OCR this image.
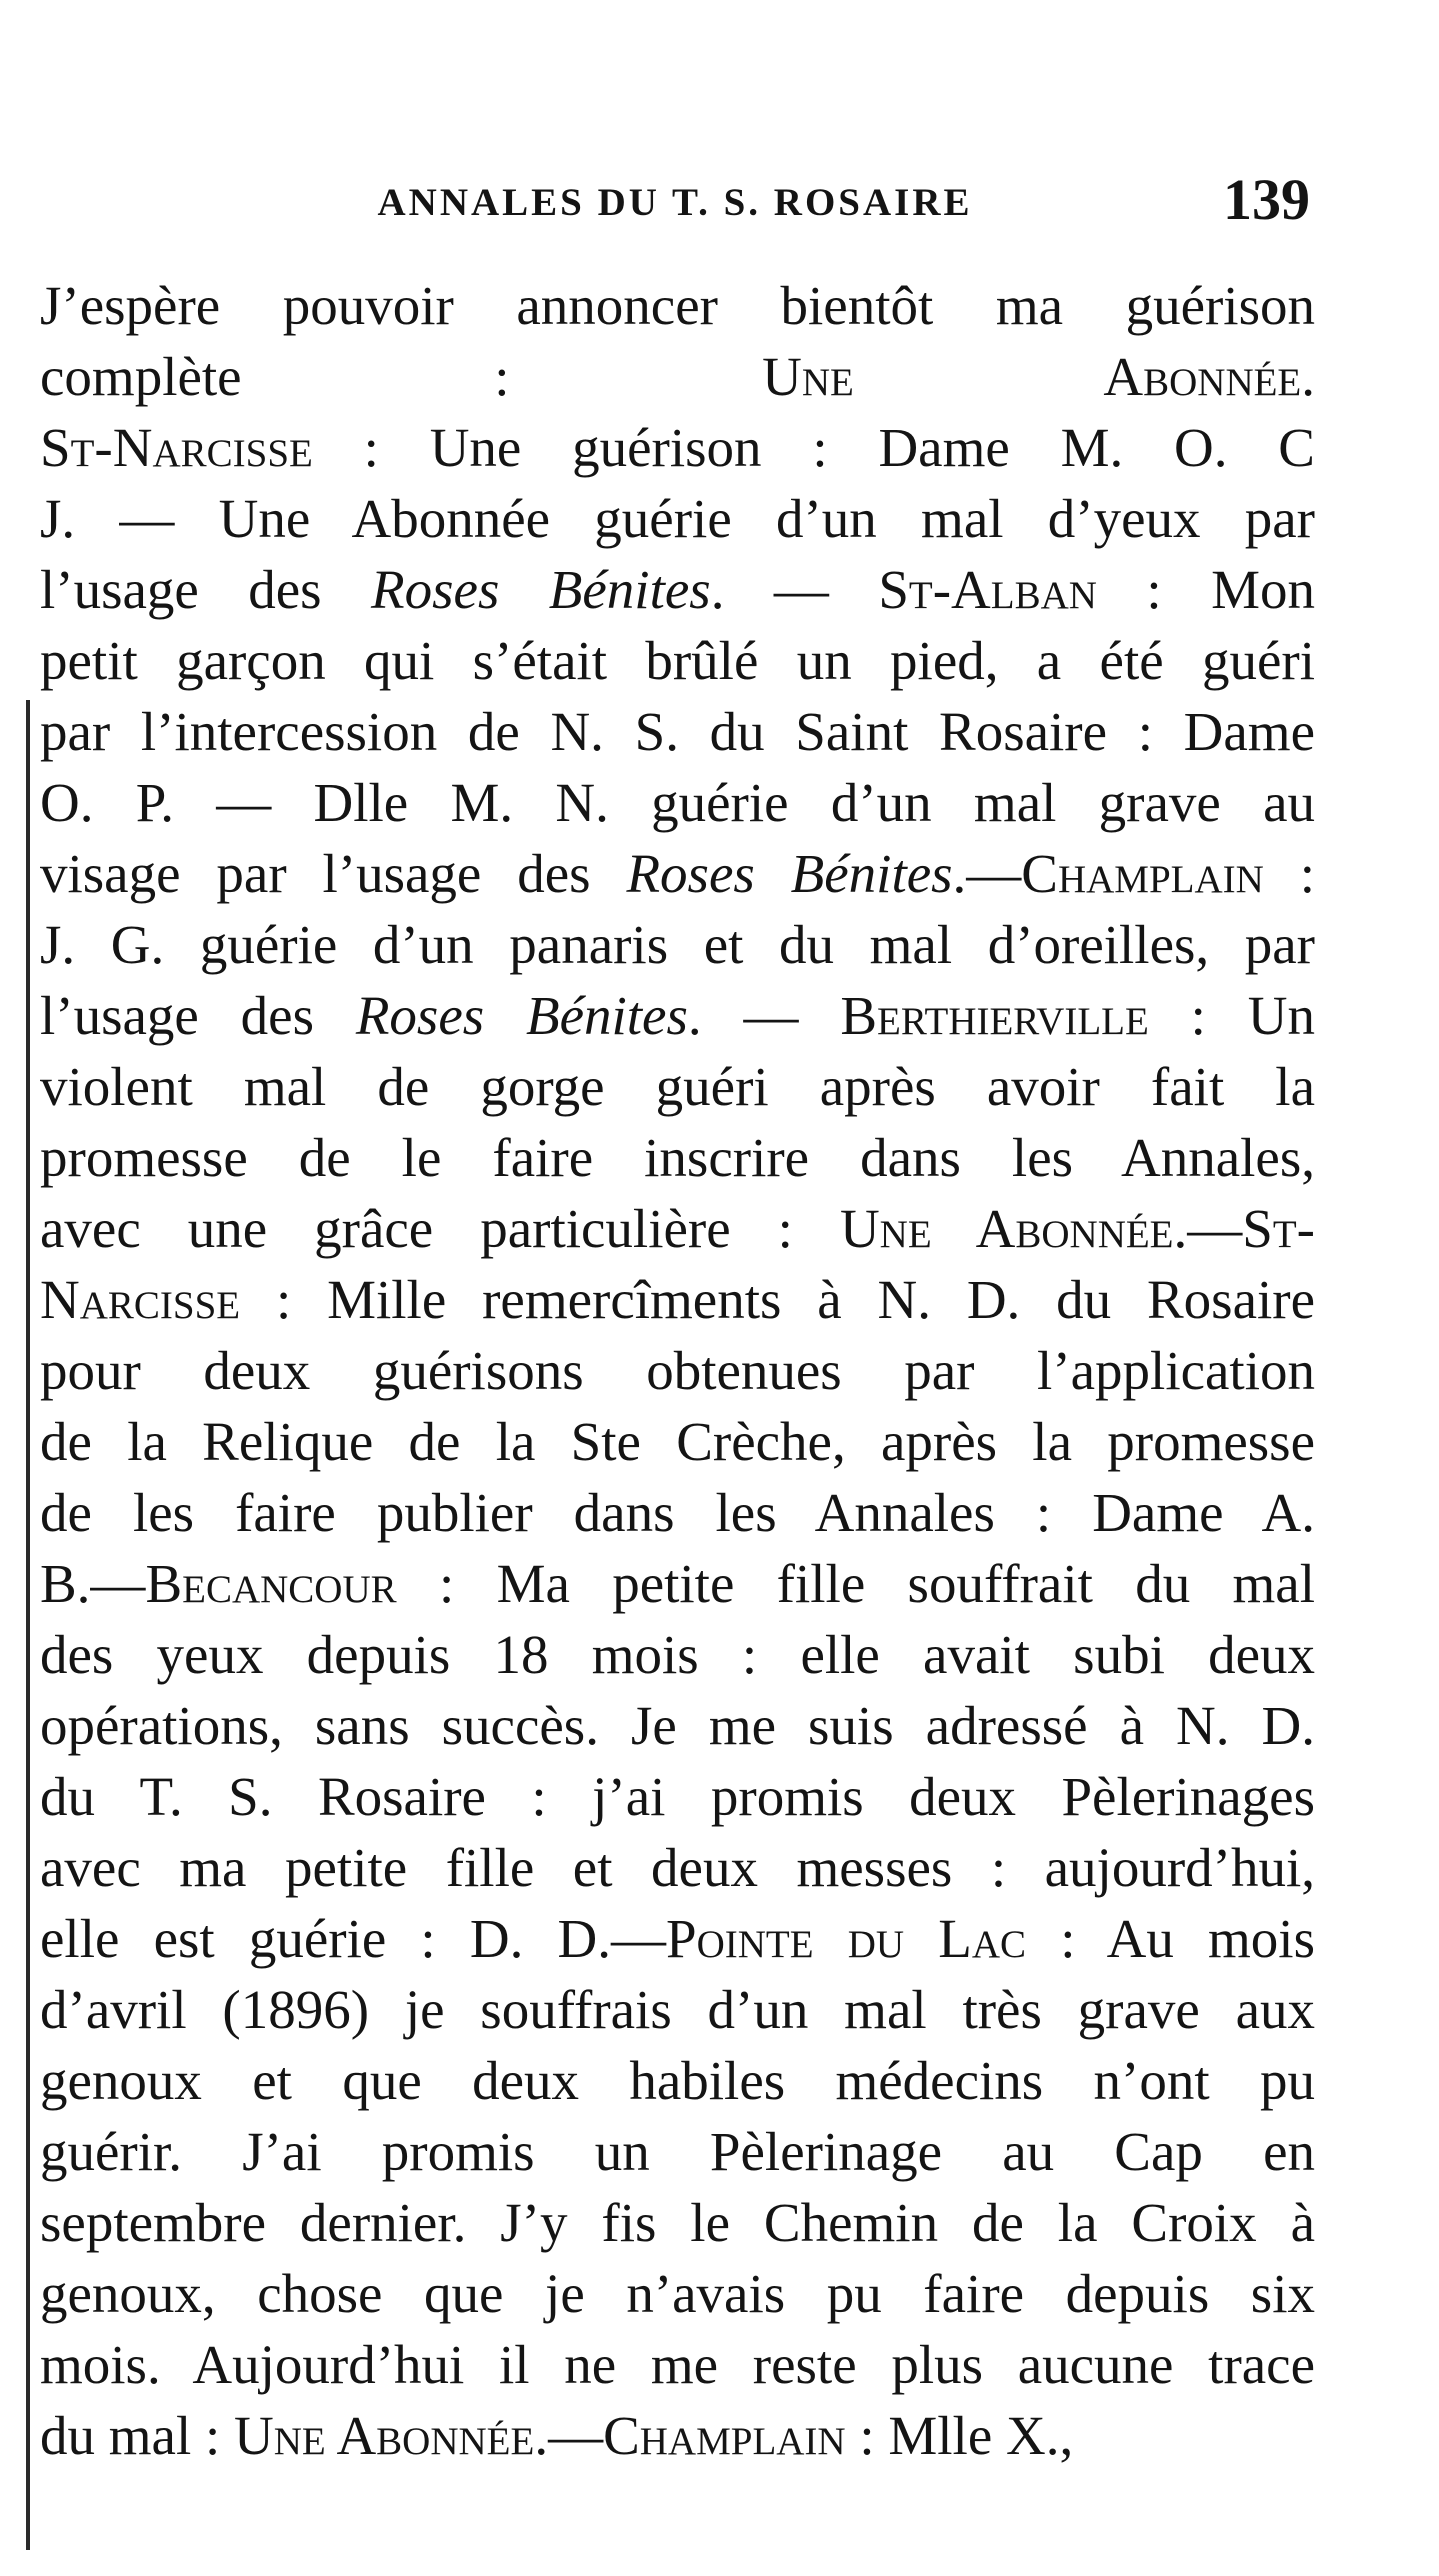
ANNALES DU T. S. ROSAIRE	139
J’espère pouvoir annoncer bientôt ma guérison
complète : Une Abonnée.
St-Narcisse : Une guérison : Dame M. O. C
J. — Une Abonnée guérie d’un mal d’yeux par
l’usage des Roses Bénites. — St-Alban : Mon
petit garçon qui s’était brûlé un pied, a été guéri
par l’intercession de N. S. du Saint Rosaire : Dame
O. P. — Dlle M. N. guérie d’un mal grave au
visage par l’usage des Roses Bénites.—Champlain :
J. G. guérie d’un panaris et du mal d’oreilles, par
l’usage des Roses Bénites. — Berthierville : Un
violent mal de gorge guéri après avoir fait la
promesse de le faire inscrire dans les Annales,
avec une grâce particulière : Une Abonnée.—St-
Narcisse : Mille remercîments à N. D. du Rosaire
pour deux guérisons obtenues par l’application
de la Relique de la Ste Crèche, après la promesse
de les faire publier dans les Annales : Dame A.
B.—Becancour : Ma petite fille souffrait du mal
des yeux depuis 18 mois : elle avait subi deux
opérations, sans succès. Je me suis adressé à N. D.
du T. S. Rosaire : j’ai promis deux Pèlerinages
avec ma petite fille et deux messes : aujourd’hui,
elle est guérie : D. D.—Pointe du Lac : Au mois
d’avril (1896) je souffrais d’un mal très grave aux
genoux et que deux habiles médecins n’ont pu
guérir. J’ai promis un Pèlerinage au Cap en
septembre dernier. J’y fis le Chemin de la Croix à
genoux, chose que je n’avais pu faire depuis six
mois. Aujourd’hui il ne me reste plus aucune trace
du mal : Une Abonnée.—Champlain : Mlle X.,
